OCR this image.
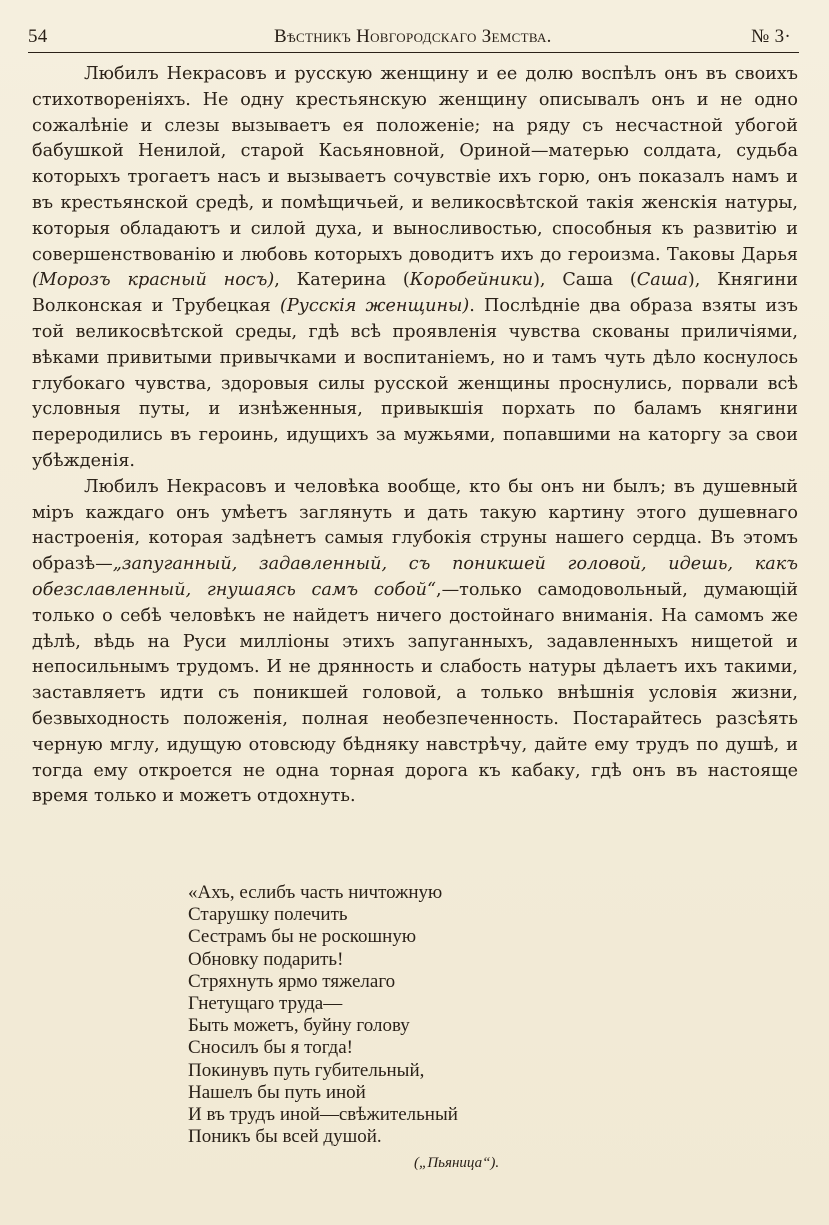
54	Вѣстникъ Новгородскаго Земства.	№ 3·

Любилъ Некрасовъ и русскую женщину и ее долю воспѣлъ онъ въ своихъ стихотвореніяхъ. Не одну крестьянскую женщину описывалъ онъ и не одно сожалѣніе и слезы вызываетъ ея положеніе; на ряду съ несчастной убогой бабушкой Ненилой, старой Касьяновной, Ориной—матерью солдата, судьба которыхъ трогаетъ насъ и вызываетъ сочувствіе ихъ горю, онъ показалъ намъ и въ крестьянской средѣ, и помѣщичьей, и великосвѣтской такія женскія натуры, которыя обладаютъ и силой духа, и выносливостью, способныя къ развитію и совершенствованію и любовь которыхъ доводитъ ихъ до героизма. Таковы Дарья (Морозъ красный носъ), Катерина (Коробейники), Саша (Саша), Княгини Волконская и Трубецкая (Русскія женщины). Послѣдніе два образа взяты изъ той великосвѣтской среды, гдѣ всѣ проявленія чувства скованы приличіями, вѣками привитыми привычками и воспитаніемъ, но и тамъ чуть дѣло коснулось глубокаго чувства, здоровыя силы русской женщины проснулись, порвали всѣ условныя путы, и изнѣженныя, привыкшія порхать по баламъ княгини переродились въ героинь, идущихъ за мужьями, попавшими на каторгу за свои убѣжденія.

Любилъ Некрасовъ и человѣка вообще, кто бы онъ ни былъ; въ душевный міръ каждаго онъ умѣетъ заглянуть и дать такую картину этого душевнаго настроенія, которая задѣнетъ самыя глубокія струны нашего сердца. Въ этомъ образѣ—„запуганный, задавленный, съ поникшей головой, идешь, какъ обезславленный, гнушаясь самъ собой“,—только самодовольный, думающій только о себѣ человѣкъ не найдетъ ничего достойнаго вниманія. На самомъ же дѣлѣ, вѣдь на Руси милліоны этихъ запуганныхъ, задавленныхъ нищетой и непосильнымъ трудомъ. И не дрянность и слабость натуры дѣлаетъ ихъ такими, заставляетъ идти съ поникшей головой, а только внѣшнія условія жизни, безвыходность положенія, полная необезпеченность. Постарайтесь разсѣять черную мглу, идущую отовсюду бѣдняку навстрѣчу, дайте ему трудъ по душѣ, и тогда ему откроется не одна торная дорога къ кабаку, гдѣ онъ въ настояще время только и можетъ отдохнуть.

«Ахъ, еслибъ часть ничтожную
Старушку полечить
Сестрамъ бы не роскошную
Обновку подарить!
Стряхнуть ярмо тяжелаго
Гнетущаго труда—
Быть можетъ, буйну голову
Сносилъ бы я тогда!
Покинувъ путь губительный,
Нашелъ бы путь иной
И въ трудъ иной—свѣжительный
Поникъ бы всей душой.
(„Пьяница“).
